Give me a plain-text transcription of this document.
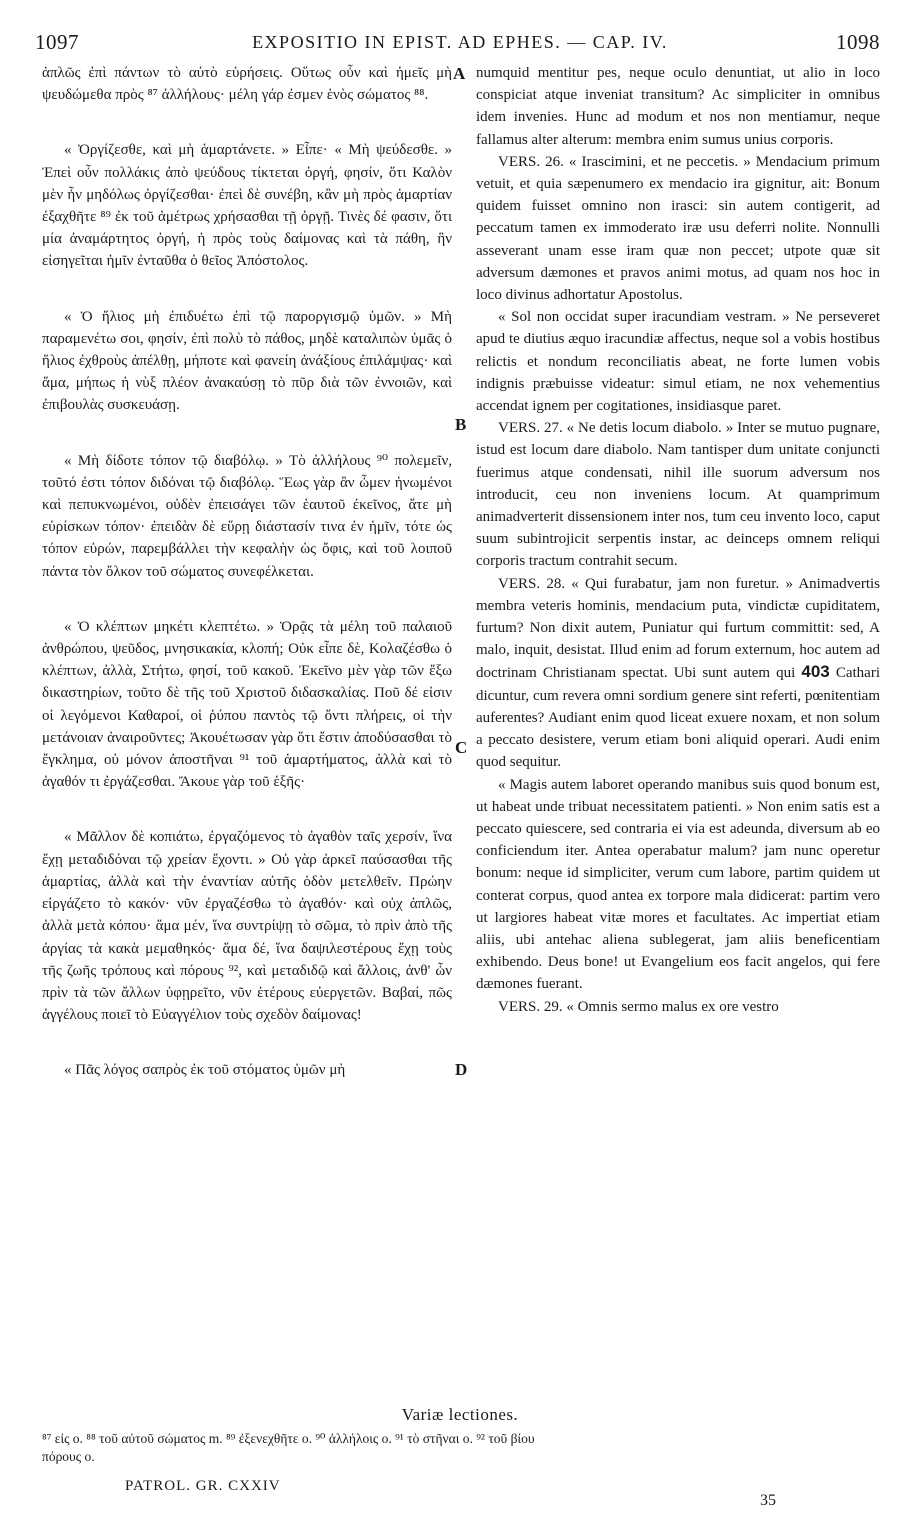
1097	EXPOSITIO IN EPIST. AD EPHES. — CAP. IV.	1098

ἁπλῶς ἐπὶ πάντων τὸ αὐτὸ εὑρήσεις. Οὕτως οὖν καὶ ἡμεῖς μὴ ψευδώμεθα πρὸς ⁸⁷ ἀλλήλους· μέλη γάρ ἐσμεν ἑνὸς σώματος ⁸⁸.

« Ὀργίζεσθε, καὶ μὴ ἁμαρτάνετε. » Εἶπε· « Μὴ ψεύδεσθε. » Ἐπεὶ οὖν πολλάκις ἀπὸ ψεύδους τίκτεται ὀργή, φησίν, ὅτι Καλὸν μὲν ἦν μηδόλως ὀργίζεσθαι· ἐπεὶ δὲ συνέβη, κἂν μὴ πρὸς ἁμαρτίαν ἐξαχθῆτε ⁸⁹ ἐκ τοῦ ἀμέτρως χρήσασθαι τῇ ὀργῇ. Τινὲς δέ φασιν, ὅτι μία ἀναμάρτητος ὀργή, ἡ πρὸς τοὺς δαίμονας καὶ τὰ πάθη, ἣν εἰσηγεῖται ἡμῖν ἐνταῦθα ὁ θεῖος Ἀπόστολος.

« Ὁ ἥλιος μὴ ἐπιδυέτω ἐπὶ τῷ παροργισμῷ ὑμῶν. » Μὴ παραμενέτω σοι, φησίν, ἐπὶ πολὺ τὸ πάθος, μηδὲ καταλιπὼν ὑμᾶς ὁ ἥλιος ἐχθροὺς ἀπέλθῃ, μήποτε καὶ φανείη ἀνάξίους ἐπιλάμψας· καὶ ἅμα, μήπως ἡ νὺξ πλέον ἀνακαύσῃ τὸ πῦρ διὰ τῶν ἐννοιῶν, καὶ ἐπιβουλὰς συσκευάσῃ.

« Μὴ δίδοτε τόπον τῷ διαβόλῳ. » Τὸ ἀλλήλους ⁹⁰ πολεμεῖν, τοῦτό ἐστι τόπον διδόναι τῷ διαβόλῳ. Ἕως γὰρ ἂν ὦμεν ἡνωμένοι καὶ πεπυκνωμένοι, οὐδὲν ἐπεισάγει τῶν ἑαυτοῦ ἐκεῖνος, ἅτε μὴ εὑρίσκων τόπον· ἐπειδὰν δὲ εὕρῃ διάστασίν τινα ἐν ἡμῖν, τότε ὡς τόπον εὑρών, παρεμβάλλει τὴν κεφαλὴν ὡς ὄφις, καὶ τοῦ λοιποῦ πάντα τὸν ὄλκον τοῦ σώματος συνεφέλκεται.

« Ὁ κλέπτων μηκέτι κλεπτέτω. » Ὁρᾷς τὰ μέλη τοῦ παλαιοῦ ἀνθρώπου, ψεῦδος, μνησικακία, κλοπή; Οὐκ εἶπε δὲ, Κολαζέσθω ὁ κλέπτων, ἀλλὰ, Στήτω, φησί, τοῦ κακοῦ. Ἐκεῖνο μὲν γὰρ τῶν ἔξω δικαστηρίων, τοῦτο δὲ τῆς τοῦ Χριστοῦ διδασκαλίας. Ποῦ δέ εἰσιν οἱ λεγόμενοι Καθαροί, οἱ ῥύπου παντὸς τῷ ὄντι πλήρεις, οἱ τὴν μετάνοιαν ἀναιροῦντες; Ἀκουέτωσαν γὰρ ὅτι ἔστιν ἀποδύσασθαι τὸ ἔγκλημα, οὐ μόνον ἀποστῆναι ⁹¹ τοῦ ἁμαρτήματος, ἀλλὰ καὶ τὸ ἀγαθόν τι ἐργάζεσθαι. Ἄκουε γὰρ τοῦ ἑξῆς·

« Μᾶλλον δὲ κοπιάτω, ἐργαζόμενος τὸ ἀγαθὸν ταῖς χερσίν, ἵνα ἔχῃ μεταδιδόναι τῷ χρείαν ἔχοντι. » Οὐ γὰρ ἀρκεῖ παύσασθαι τῆς ἁμαρτίας, ἀλλὰ καὶ τὴν ἐναντίαν αὐτῆς ὁδὸν μετελθεῖν. Πρώην εἰργάζετο τὸ κακόν· νῦν ἐργαζέσθω τὸ ἀγαθόν· καὶ οὐχ ἁπλῶς, ἀλλὰ μετὰ κόπου· ἅμα μέν, ἵνα συντρίψῃ τὸ σῶμα, τὸ πρὶν ἀπὸ τῆς ἀργίας τὰ κακὰ μεμαθηκός· ἅμα δέ, ἵνα δαψιλεστέρους ἔχῃ τοὺς τῆς ζωῆς τρόπους καὶ πόρους ⁹², καὶ μεταδιδῷ καὶ ἄλλοις, ἀνθ' ὧν πρὶν τὰ τῶν ἄλλων ὑφῃρεῖτο, νῦν ἑτέρους εὐεργετῶν. Βαβαί, πῶς ἀγγέλους ποιεῖ τὸ Εὐαγγέλιον τοὺς σχεδὸν δαίμονας!

« Πᾶς λόγος σαπρὸς ἐκ τοῦ στόματος ὑμῶν μὴ

numquid mentitur pes, neque oculo denuntiat, ut alio in loco conspiciat atque inveniat transitum? Ac simpliciter in omnibus idem invenies. Hunc ad modum et nos non mentiamur, neque fallamus alter alterum: membra enim sumus unius corporis.

VERS. 26. « Irascimini, et ne peccetis. » Mendacium primum vetuit, et quia sæpenumero ex mendacio ira gignitur, ait: Bonum quidem fuisset omnino non irasci: sin autem contigerit, ad peccatum tamen ex immoderato iræ usu deferri nolite. Nonnulli asseverant unam esse iram quæ non peccet; utpote quæ sit adversum dæmones et pravos animi motus, ad quam nos hoc in loco divinus adhortatur Apostolus.

« Sol non occidat super iracundiam vestram. » Ne perseveret apud te diutius æquo iracundiæ affectus, neque sol a vobis hostibus relictis et nondum reconciliatis abeat, ne forte lumen vobis indignis præbuisse videatur: simul etiam, ne nox vehementius accendat ignem per cogitationes, insidiasque paret.

VERS. 27. « Ne detis locum diabolo. » Inter se mutuo pugnare, istud est locum dare diabolo. Nam tantisper dum unitate conjuncti fuerimus atque condensati, nihil ille suorum adversum nos introducit, ceu non inveniens locum. At quamprimum animadverterit dissensionem inter nos, tum ceu invento loco, caput suum subintrojicit serpentis instar, ac deinceps omnem reliqui corporis tractum contrahit secum.

VERS. 28. « Qui furabatur, jam non furetur. » Animadvertis membra veteris hominis, mendacium puta, vindictæ cupiditatem, furtum? Non dixit autem, Puniatur qui furtum committit: sed, A malo, inquit, desistat. Illud enim ad forum externum, hoc autem ad doctrinam Christianam spectat. Ubi sunt autem qui 403 Cathari dicuntur, cum revera omni sordium genere sint referti, pœnitentiam auferentes? Audiant enim quod liceat exuere noxam, et non solum a peccato desistere, verum etiam boni aliquid operari. Audi enim quod sequitur.

« Magis autem laboret operando manibus suis quod bonum est, ut habeat unde tribuat necessitatem patienti. » Non enim satis est a peccato quiescere, sed contraria ei via est adeunda, diversum ab eo conficiendum iter. Antea operabatur malum? jam nunc operetur bonum: neque id simpliciter, verum cum labore, partim quidem ut conterat corpus, quod antea ex torpore mala didicerat: partim vero ut largiores habeat vitæ mores et facultates. Ac impertiat etiam aliis, ubi antehac aliena sublegerat, jam aliis beneficentiam exhibendo. Deus bone! ut Evangelium eos facit angelos, qui fere dæmones fuerant.

VERS. 29. « Omnis sermo malus ex ore vestro

A
B
C
D
Variæ lectiones.
⁸⁷ εἰς ο. ⁸⁸ τοῦ αὐτοῦ σώματος m. ⁸⁹ ἐξενεχθῆτε ο. ⁹⁰ ἀλλήλοις ο. ⁹¹ τὸ στῆναι ο. ⁹² τοῦ βίου
πόρους ο.
PATROL. GR. CXXIV
35
